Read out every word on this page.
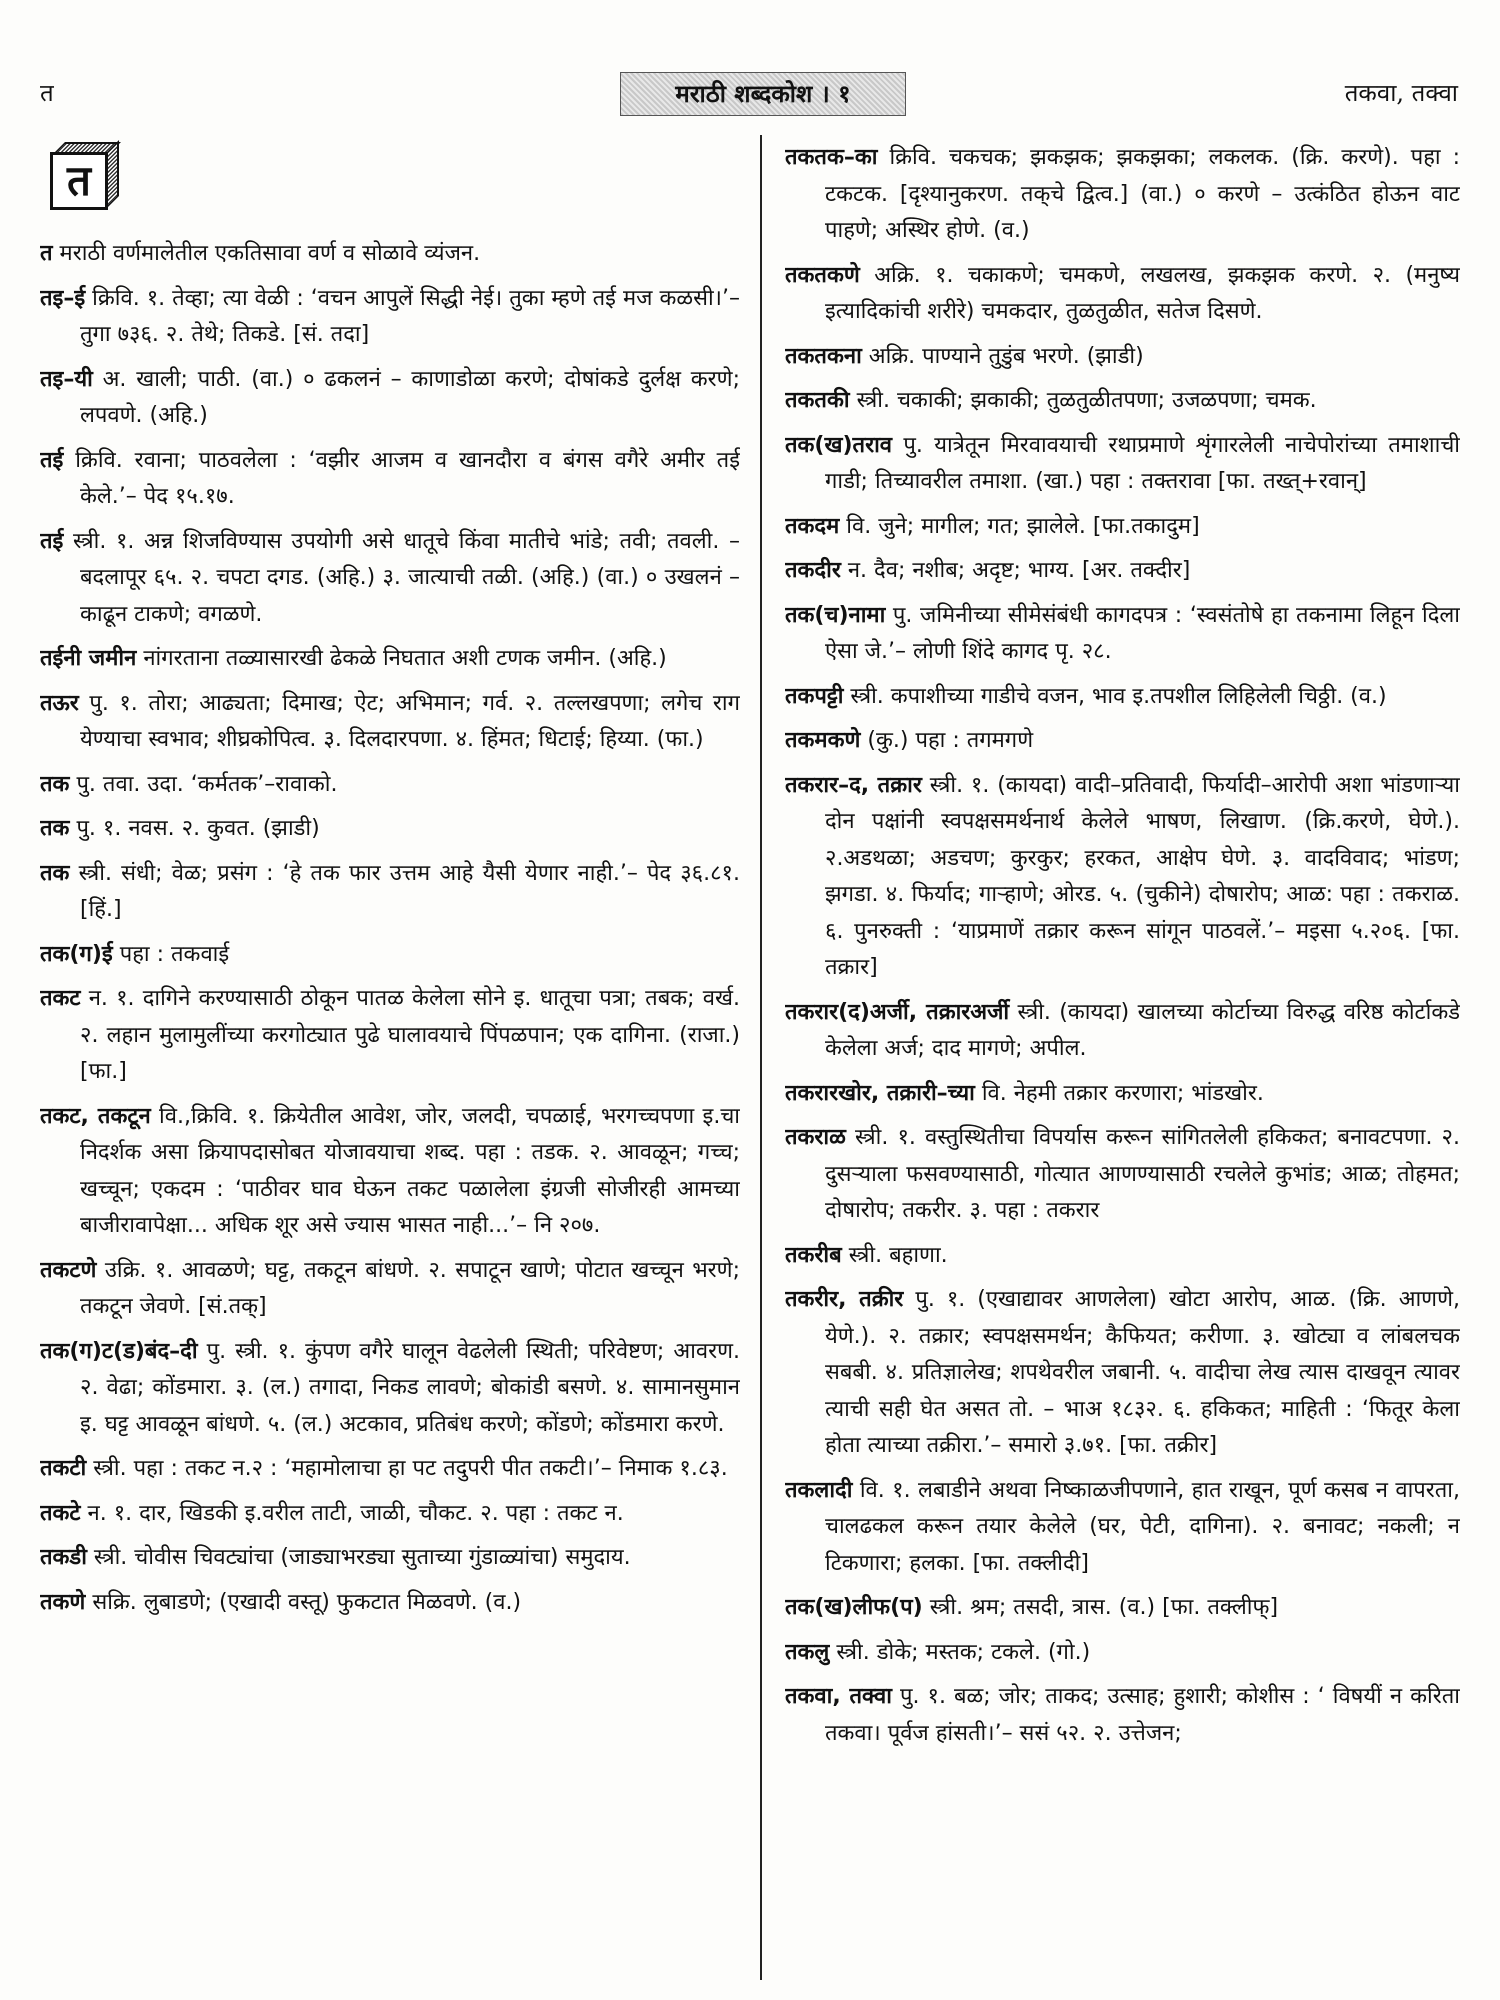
त	मराठी शब्दकोश । १	तकवा, तक्वा
त

त मराठी वर्णमालेतील एकतिसावा वर्ण व सोळावे व्यंजन.

तइ–ई क्रिवि. १. तेव्हा; त्या वेळी : ‘वचन आपुलें सिद्धी नेई। तुका म्हणे तई मज कळसी।’– तुगा ७३६. २. तेथे; तिकडे. [सं. तदा]

तइ–यी अ. खाली; पाठी. (वा.) ० ढकलनं – काणाडोळा करणे; दोषांकडे दुर्लक्ष करणे; लपवणे. (अहि.)

तई क्रिवि. रवाना; पाठवलेला : ‘वझीर आजम व खानदौरा व बंगस वगैरे अमीर तई केले.’– पेद १५.१७.

तई स्त्री. १. अन्न शिजविण्यास उपयोगी असे धातूचे किंवा मातीचे भांडे; तवी; तवली. – बदलापूर ६५. २. चपटा दगड. (अहि.) ३. जात्याची तळी. (अहि.) (वा.) ० उखलनं – काढून टाकणे; वगळणे.

तईनी जमीन नांगरताना तळ्यासारखी ढेकळे निघतात अशी टणक जमीन. (अहि.)

तऊर पु. १. तोरा; आढ्यता; दिमाख; ऐट; अभिमान; गर्व. २. तल्लखपणा; लगेच राग येण्याचा स्वभाव; शीघ्रकोपित्व. ३. दिलदारपणा. ४. हिंमत; धिटाई; हिय्या. (फा.)

तक पु. तवा. उदा. ‘कर्मतक’–रावाको.

तक पु. १. नवस. २. कुवत. (झाडी)

तक स्त्री. संधी; वेळ; प्रसंग : ‘हे तक फार उत्तम आहे यैसी येणार नाही.’– पेद ३६.८१. [हिं.]

तक(ग)ई पहा : तकवाई

तकट न. १. दागिने करण्यासाठी ठोकून पातळ केलेला सोने इ. धातूचा पत्रा; तबक; वर्ख. २. लहान मुलामुलींच्या करगोट्यात पुढे घालावयाचे पिंपळपान; एक दागिना. (राजा.) [फा.]

तकट, तकटून वि.,क्रिवि. १. क्रियेतील आवेश, जोर, जलदी, चपळाई, भरगच्चपणा इ.चा निदर्शक असा क्रियापदासोबत योजावयाचा शब्द. पहा : तडक. २. आवळून; गच्च; खच्चून; एकदम : ‘पाठीवर घाव घेऊन तकट पळालेला इंग्रजी सोजीरही आमच्या बाजीरावापेक्षा... अधिक शूर असे ज्यास भासत नाही...’– नि २०७.

तकटणे उक्रि. १. आवळणे; घट्ट, तकटून बांधणे. २. सपाटून खाणे; पोटात खच्चून भरणे; तकटून जेवणे. [सं.तक्]

तक(ग)ट(ड)बंद–दी पु. स्त्री. १. कुंपण वगैरे घालून वेढलेली स्थिती; परिवेष्टण; आवरण. २. वेढा; कोंडमारा. ३. (ल.) तगादा, निकड लावणे; बोकांडी बसणे. ४. सामानसुमान इ. घट्ट आवळून बांधणे. ५. (ल.) अटकाव, प्रतिबंध करणे; कोंडणे; कोंडमारा करणे.

तकटी स्त्री. पहा : तकट न.२ : ‘महामोलाचा हा पट तदुपरी पीत तकटी।’– निमाक १.८३.

तकटे न. १. दार, खिडकी इ.वरील ताटी, जाळी, चौकट. २. पहा : तकट न.

तकडी स्त्री. चोवीस चिवट्यांचा (जाड्याभरड्या सुताच्या गुंडाळ्यांचा) समुदाय.

तकणे सक्रि. लुबाडणे; (एखादी वस्तू) फुकटात मिळवणे. (व.)

तकतक–का क्रिवि. चकचक; झकझक; झकझका; लकलक. (क्रि. करणे). पहा : टकटक. [दृश्यानुकरण. तक्‌चे द्वित्व.] (वा.) ० करणे – उत्कंठित होऊन वाट पाहणे; अस्थिर होणे. (व.)

तकतकणे अक्रि. १. चकाकणे; चमकणे, लखलख, झकझक करणे. २. (मनुष्य इत्यादिकांची शरीरे) चमकदार, तुळतुळीत, सतेज दिसणे.

तकतकना अक्रि. पाण्याने तुडुंब भरणे. (झाडी)

तकतकी स्त्री. चकाकी; झकाकी; तुळतुळीतपणा; उजळपणा; चमक.

तक(ख)तराव पु. यात्रेतून मिरवावयाची रथाप्रमाणे शृंगारलेली नाचेपोरांच्या तमाशाची गाडी; तिच्यावरील तमाशा. (खा.) पहा : तक्तरावा [फा. तख्त्+रवान्]

तकदम वि. जुने; मागील; गत; झालेले. [फा.तकादुम]

तकदीर न. दैव; नशीब; अदृष्ट; भाग्य. [अर. तक्दीर]

तक(च)नामा पु. जमिनीच्या सीमेसंबंधी कागदपत्र : ‘स्वसंतोषे हा तकनामा लिहून दिला ऐसा जे.’– लोणी शिंदे कागद पृ. २८.

तकपट्टी स्त्री. कपाशीच्या गाडीचे वजन, भाव इ.तपशील लिहिलेली चिठ्ठी. (व.)

तकमकणे (कु.) पहा : तगमगणे

तकरार–द, तक्रार स्त्री. १. (कायदा) वादी–प्रतिवादी, फिर्यादी–आरोपी अशा भांडणाऱ्या दोन पक्षांनी स्वपक्षसमर्थनार्थ केलेले भाषण, लिखाण. (क्रि.करणे, घेणे.). २.अडथळा; अडचण; कुरकुर; हरकत, आक्षेप घेणे. ३. वादविवाद; भांडण; झगडा. ४. फिर्याद; गाऱ्हाणे; ओरड. ५. (चुकीने) दोषारोप; आळ: पहा : तकराळ. ६. पुनरुक्ती : ‘याप्रमाणें तक्रार करून सांगून पाठवलें.’– मइसा ५.२०६. [फा. तक्रार]

तकरार(द)अर्जी, तक्रारअर्जी स्त्री. (कायदा) खालच्या कोर्टाच्या विरुद्ध वरिष्ठ कोर्टाकडे केलेला अर्ज; दाद मागणे; अपील.

तकरारखोर, तक्रारी–च्या वि. नेहमी तक्रार करणारा; भांडखोर.

तकराळ स्त्री. १. वस्तुस्थितीचा विपर्यास करून सांगितलेली हकिकत; बनावटपणा. २. दुसऱ्याला फसवण्यासाठी, गोत्यात आणण्यासाठी रचलेले कुभांड; आळ; तोहमत; दोषारोप; तकरीर. ३. पहा : तकरार

तकरीब स्त्री. बहाणा.

तकरीर, तक्रीर पु. १. (एखाद्यावर आणलेला) खोटा आरोप, आळ. (क्रि. आणणे, येणे.). २. तक्रार; स्वपक्षसमर्थन; कैफियत; करीणा. ३. खोट्या व लांबलचक सबबी. ४. प्रतिज्ञालेख; शपथेवरील जबानी. ५. वादीचा लेख त्यास दाखवून त्यावर त्याची सही घेत असत तो. – भाअ १८३२. ६. हकिकत; माहिती : ‘फितूर केला होता त्याच्या तक्रीरा.’– समारो ३.७१. [फा. तक्रीर]

तकलादी वि. १. लबाडीने अथवा निष्काळजीपणाने, हात राखून, पूर्ण कसब न वापरता, चालढकल करून तयार केलेले (घर, पेटी, दागिना). २. बनावट; नकली; न टिकणारा; हलका. [फा. तक्लीदी]

तक(ख)लीफ(प) स्त्री. श्रम; तसदी, त्रास. (व.) [फा. तक्लीफ्]

तकलु स्त्री. डोके; मस्तक; टकले. (गो.)

तकवा, तक्वा पु. १. बळ; जोर; ताकद; उत्साह; हुशारी; कोशीस : ‘ विषयीं न करिता तकवा। पूर्वज हांसती।’– ससं ५२. २. उत्तेजन;
